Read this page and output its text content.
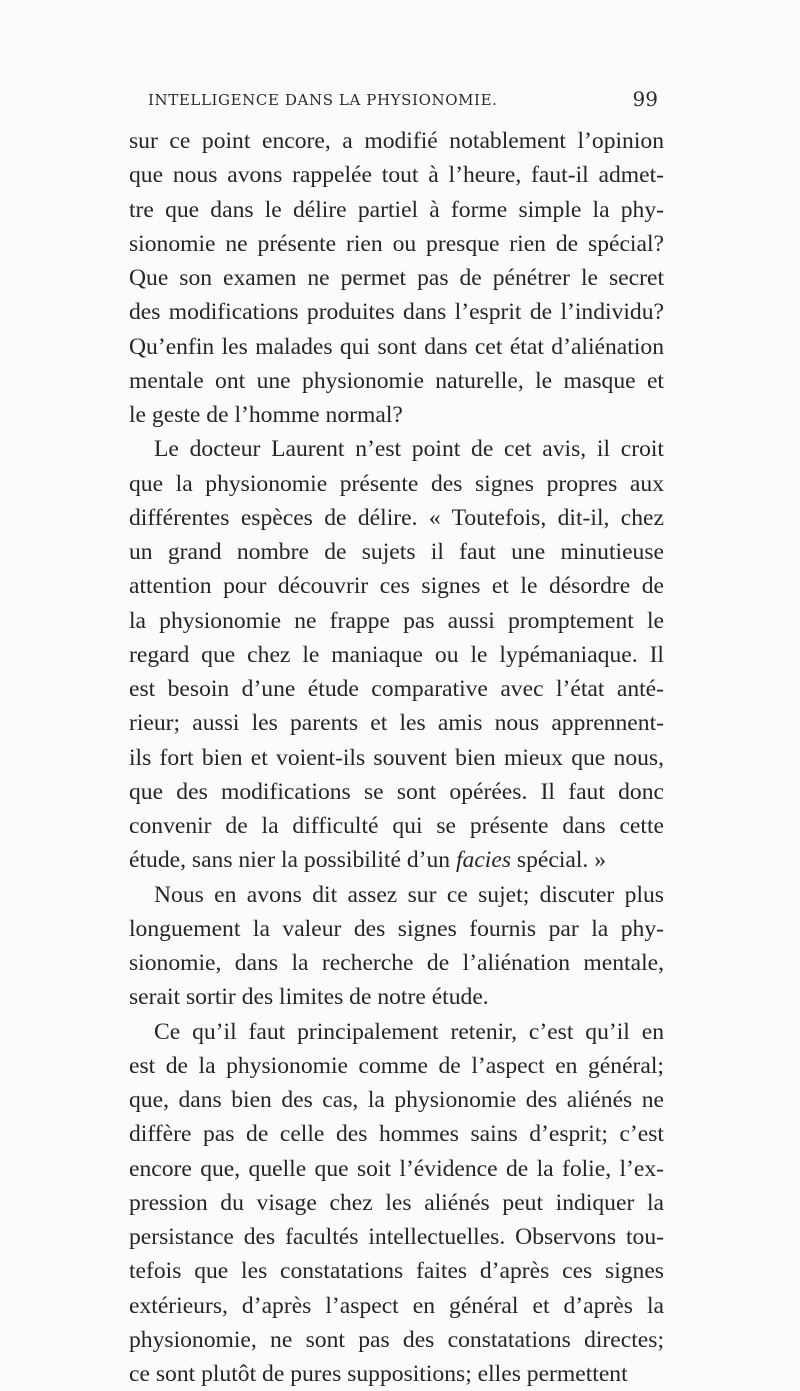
INTELLIGENCE DANS LA PHYSIONOMIE.	99
sur ce point encore, a modifié notablement l’opinion
que nous avons rappelée tout à l’heure, faut-il admet-
tre que dans le délire partiel à forme simple la phy-
sionomie ne présente rien ou presque rien de spécial?
Que son examen ne permet pas de pénétrer le secret
des modifications produites dans l’esprit de l’individu?
Qu’enfin les malades qui sont dans cet état d’aliénation
mentale ont une physionomie naturelle, le masque et
le geste de l’homme normal?
Le docteur Laurent n’est point de cet avis, il croit
que la physionomie présente des signes propres aux
différentes espèces de délire. « Toutefois, dit-il, chez
un grand nombre de sujets il faut une minutieuse
attention pour découvrir ces signes et le désordre de
la physionomie ne frappe pas aussi promptement le
regard que chez le maniaque ou le lypémaniaque. Il
est besoin d’une étude comparative avec l’état anté-
rieur; aussi les parents et les amis nous apprennent-
ils fort bien et voient-ils souvent bien mieux que nous,
que des modifications se sont opérées. Il faut donc
convenir de la difficulté qui se présente dans cette
étude, sans nier la possibilité d’un facies spécial. »
Nous en avons dit assez sur ce sujet; discuter plus
longuement la valeur des signes fournis par la phy-
sionomie, dans la recherche de l’aliénation mentale,
serait sortir des limites de notre étude.
Ce qu’il faut principalement retenir, c’est qu’il en
est de la physionomie comme de l’aspect en général;
que, dans bien des cas, la physionomie des aliénés ne
diffère pas de celle des hommes sains d’esprit; c’est
encore que, quelle que soit l’évidence de la folie, l’ex-
pression du visage chez les aliénés peut indiquer la
persistance des facultés intellectuelles. Observons tou-
tefois que les constatations faites d’après ces signes
extérieurs, d’après l’aspect en général et d’après la
physionomie, ne sont pas des constatations directes;
ce sont plutôt de pures suppositions; elles permettent
